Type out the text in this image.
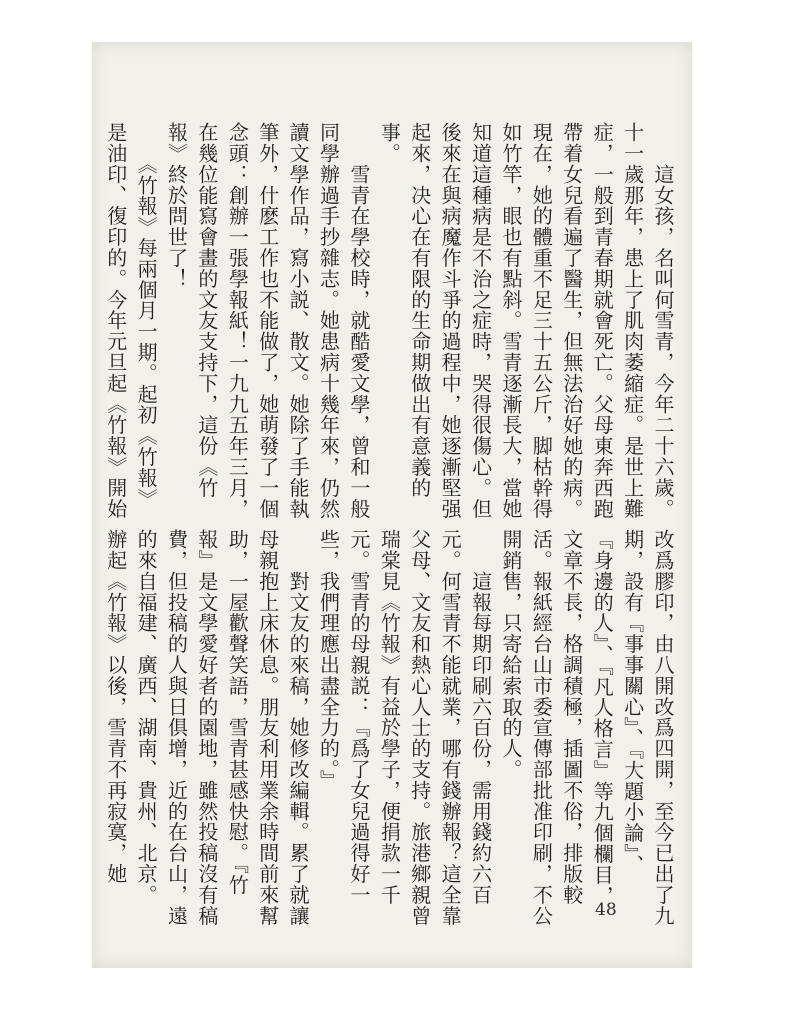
　　這女孩，名叫何雪青，今年二十六歲。
十一歲那年，患上了肌肉萎縮症。是世上難
症，一般到青春期就會死亡。父母東奔西跑
帶着女兒看遍了醫生，但無法治好她的病。
現在，她的體重不足三十五公斤，脚枯幹得
如竹竿，眼也有點斜。雪青逐漸長大，當她
知道這種病是不治之症時，哭得很傷心。但
後來在與病魔作斗爭的過程中，她逐漸堅强
起來，决心在有限的生命期做出有意義的
事。
　　雪青在學校時，就酷愛文學，曾和一般
同學辦過手抄雜志。她患病十幾年來，仍然
讀文學作品，寫小説、散文。她除了手能執
筆外，什麽工作也不能做了，她萌發了一個
念頭：創辦一張學報紙！一九九五年三月，
在幾位能寫會畫的文友支持下，這份《竹
報》終於問世了！
　　《竹報》每兩個月一期。起初《竹報》
是油印、復印的。今年元旦起《竹報》開始
改爲膠印，由八開改爲四開，至今已出了九
期，設有『事事關心』、『大題小論』、
『身邊的人』、『凡人格言』等九個欄目，
文章不長，格調積極，插圖不俗，排版較
活。報紙經台山市委宣傳部批准印刷，不公
開銷售，只寄給索取的人。
　　這報每期印刷六百份，需用錢約六百
元。何雪青不能就業，哪有錢辦報？這全靠
父母、文友和熱心人士的支持。旅港鄉親曾
瑞棠見《竹報》有益於學子，便捐款一千
元。雪青的母親説：『爲了女兒過得好一
些，我們理應出盡全力的。』
　　對文友的來稿，她修改編輯。累了就讓
母親抱上床休息。朋友利用業余時間前來幫
助，一屋歡聲笑語，雪青甚感快慰。『竹
報』是文學愛好者的園地，雖然投稿沒有稿
費，但投稿的人與日俱增，近的在台山，遠
的來自福建、廣西、湖南、貴州、北京。
辦起《竹報》以後，雪青不再寂寞，她
48
